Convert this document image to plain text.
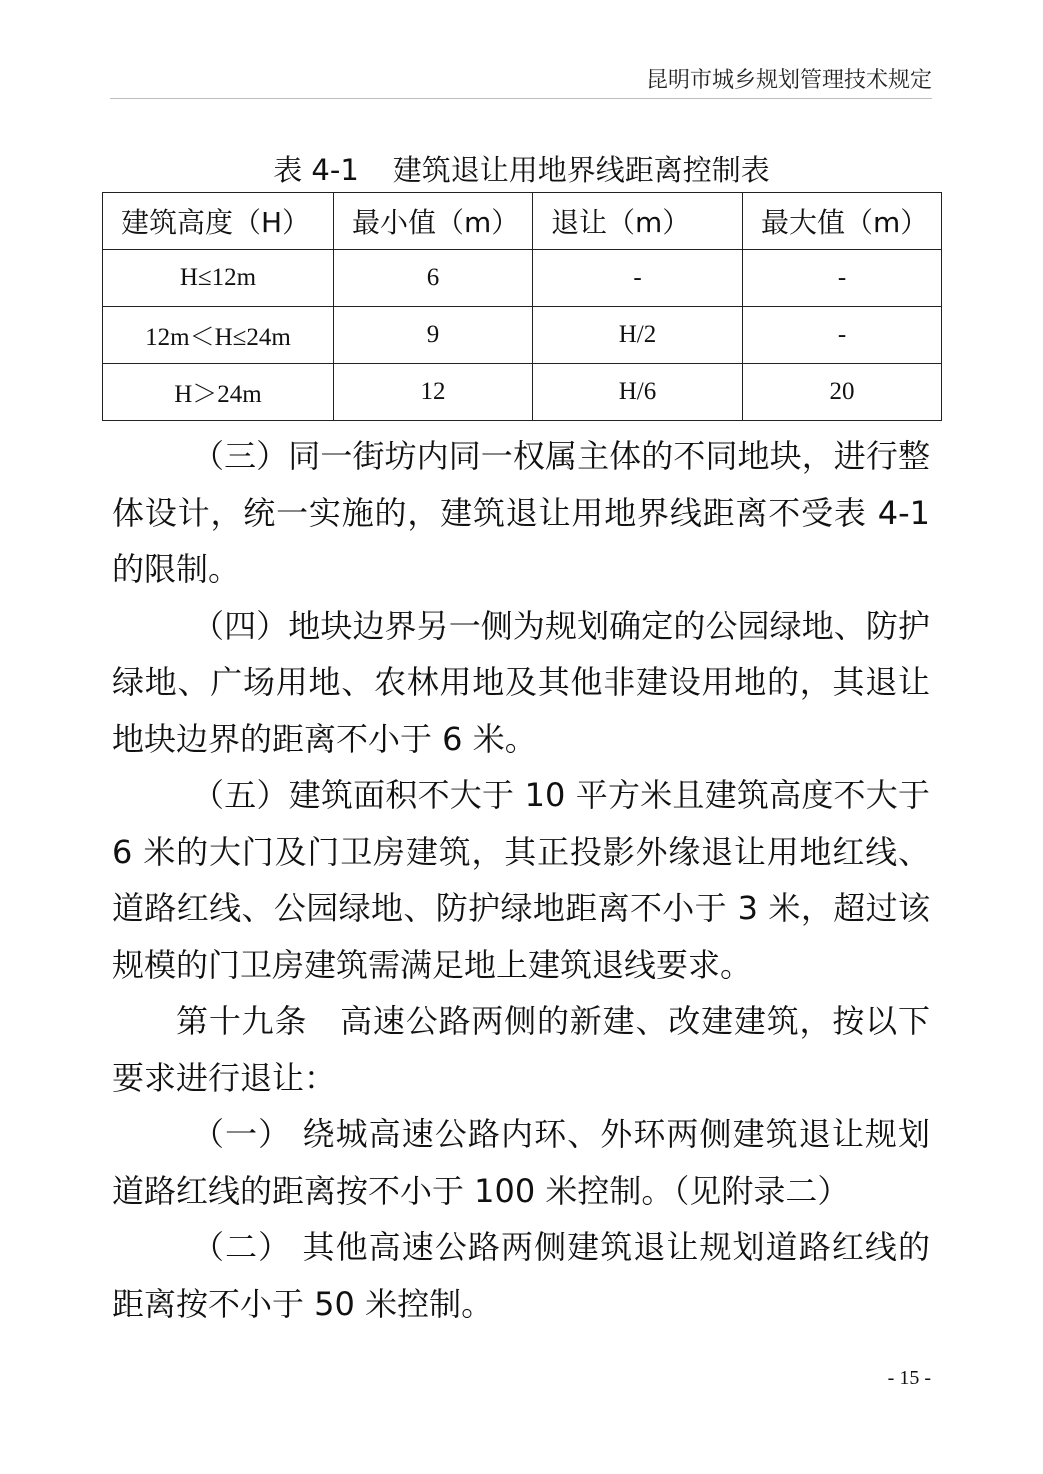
昆明市城乡规划管理技术规定
表 4-1 建筑退让用地界线距离控制表
建筑高度（H）	最小值（m）	退让（m）	最大值（m）
H≤12m	6	-	-
12m＜H≤24m	9	H/2	-
H＞24m	12	H/6	20

（三）同一街坊内同一权属主体的不同地块，进行整体设计，统一实施的，建筑退让用地界线距离不受表 4-1 的限制。

（四）地块边界另一侧为规划确定的公园绿地、防护绿地、广场用地、农林用地及其他非建设用地的，其退让地块边界的距离不小于 6 米。

（五）建筑面积不大于 10 平方米且建筑高度不大于 6 米的大门及门卫房建筑，其正投影外缘退让用地红线、道路红线、公园绿地、防护绿地距离不小于 3 米，超过该规模的门卫房建筑需满足地上建筑退线要求。

第十九条　高速公路两侧的新建、改建建筑，按以下要求进行退让：

（一） 绕城高速公路内环、外环两侧建筑退让规划道路红线的距离按不小于 100 米控制。（见附录二）

（二） 其他高速公路两侧建筑退让规划道路红线的距离按不小于 50 米控制。

- 15 -
